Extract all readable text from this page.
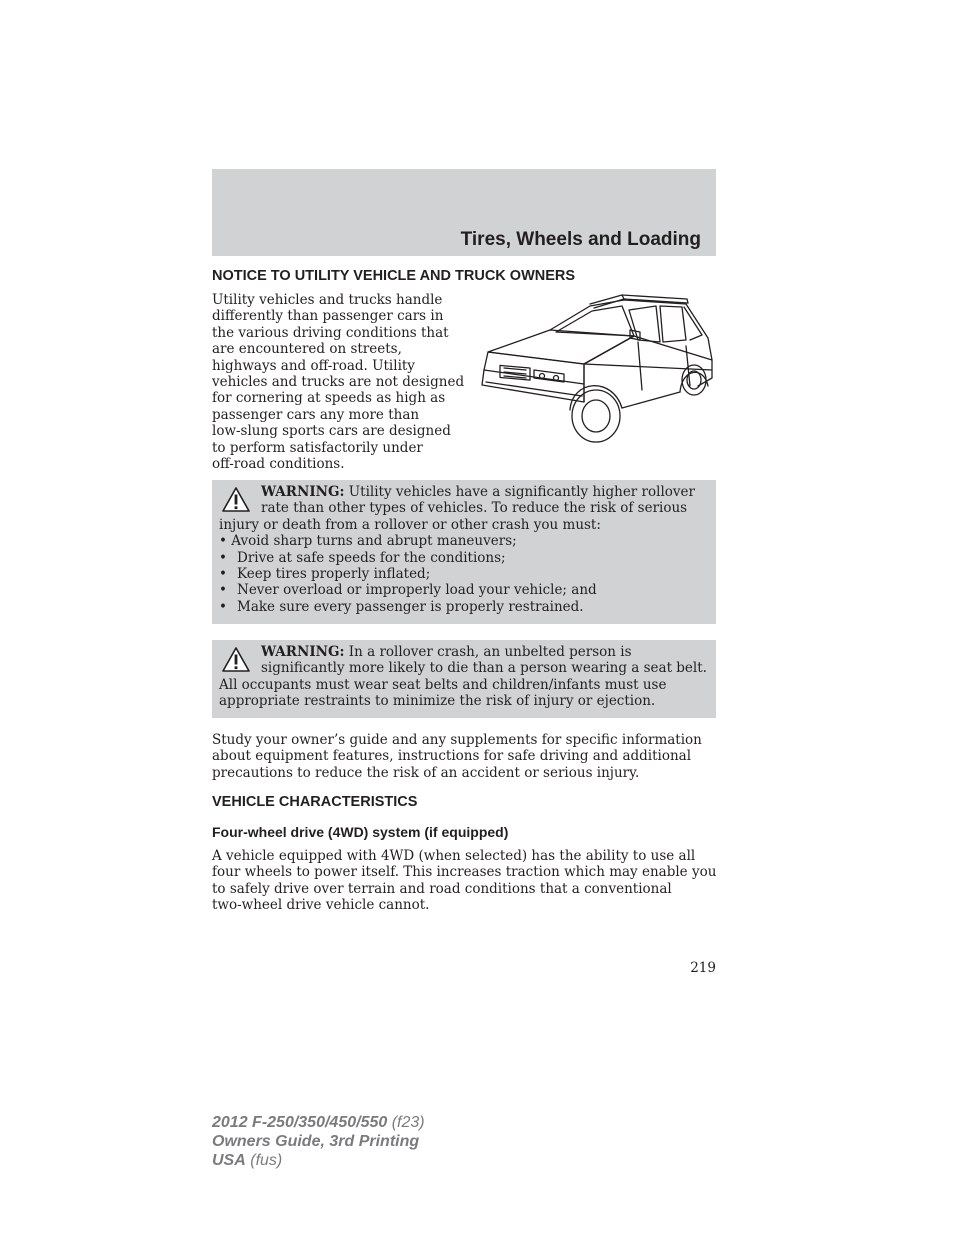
Tires, Wheels and Loading
NOTICE TO UTILITY VEHICLE AND TRUCK OWNERS
Utility vehicles and trucks handle
differently than passenger cars in
the various driving conditions that
are encountered on streets,
highways and off-road. Utility
vehicles and trucks are not designed
for cornering at speeds as high as
passenger cars any more than
low-slung sports cars are designed
to perform satisfactorily under
off-road conditions.
WARNING: Utility vehicles have a significantly higher rollover
rate than other types of vehicles. To reduce the risk of serious
injury or death from a rollover or other crash you must:
• Avoid sharp turns and abrupt maneuvers;
• Drive at safe speeds for the conditions;
• Keep tires properly inflated;
• Never overload or improperly load your vehicle; and
• Make sure every passenger is properly restrained.
WARNING: In a rollover crash, an unbelted person is
significantly more likely to die than a person wearing a seat belt.
All occupants must wear seat belts and children/infants must use
appropriate restraints to minimize the risk of injury or ejection.
Study your owner’s guide and any supplements for specific information
about equipment features, instructions for safe driving and additional
precautions to reduce the risk of an accident or serious injury.
VEHICLE CHARACTERISTICS
Four-wheel drive (4WD) system (if equipped)
A vehicle equipped with 4WD (when selected) has the ability to use all
four wheels to power itself. This increases traction which may enable you
to safely drive over terrain and road conditions that a conventional
two-wheel drive vehicle cannot.
219
2012 F-250/350/450/550 (f23)
Owners Guide, 3rd Printing
USA (fus)
